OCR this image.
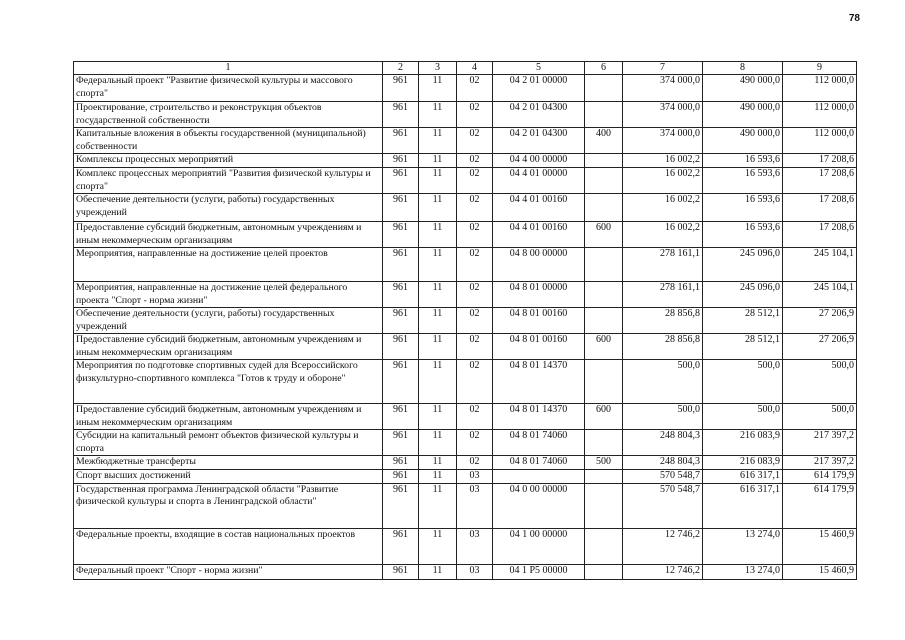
78
1	2	3	4	5	6	7	8	9
Федеральный проект "Развитие физической культуры и массового спорта"	961	11	02	04 2 01 00000		374 000,0	490 000,0	112 000,0
Проектирование, строительство и реконструкция объектов государственной собственности	961	11	02	04 2 01 04300		374 000,0	490 000,0	112 000,0
Капитальные вложения в объекты государственной (муниципальной) собственности	961	11	02	04 2 01 04300	400	374 000,0	490 000,0	112 000,0
Комплексы процессных мероприятий	961	11	02	04 4 00 00000		16 002,2	16 593,6	17 208,6
Комплекс процессных мероприятий "Развития физической культуры и спорта"	961	11	02	04 4 01 00000		16 002,2	16 593,6	17 208,6
Обеспечение деятельности (услуги, работы) государственных учреждений	961	11	02	04 4 01 00160		16 002,2	16 593,6	17 208,6
Предоставление субсидий бюджетным, автономным учреждениям и иным некоммерческим организациям	961	11	02	04 4 01 00160	600	16 002,2	16 593,6	17 208,6
Мероприятия, направленные на достижение целей проектов	961	11	02	04 8 00 00000		278 161,1	245 096,0	245 104,1
Мероприятия, направленные на достижение целей федерального проекта "Спорт - норма жизни"	961	11	02	04 8 01 00000		278 161,1	245 096,0	245 104,1
Обеспечение деятельности (услуги, работы) государственных учреждений	961	11	02	04 8 01 00160		28 856,8	28 512,1	27 206,9
Предоставление субсидий бюджетным, автономным учреждениям и иным некоммерческим организациям	961	11	02	04 8 01 00160	600	28 856,8	28 512,1	27 206,9
Мероприятия по подготовке спортивных судей для Всероссийского физкультурно-спортивного комплекса "Готов к труду и обороне"	961	11	02	04 8 01 14370		500,0	500,0	500,0
Предоставление субсидий бюджетным, автономным учреждениям и иным некоммерческим организациям	961	11	02	04 8 01 14370	600	500,0	500,0	500,0
Субсидии на капитальный ремонт объектов физической культуры и спорта	961	11	02	04 8 01 74060		248 804,3	216 083,9	217 397,2
Межбюджетные трансферты	961	11	02	04 8 01 74060	500	248 804,3	216 083,9	217 397,2
Спорт высших достижений	961	11	03			570 548,7	616 317,1	614 179,9
Государственная программа Ленинградской области "Развитие физической культуры и спорта в Ленинградской области"	961	11	03	04 0 00 00000		570 548,7	616 317,1	614 179,9
Федеральные проекты, входящие в состав национальных проектов	961	11	03	04 1 00 00000		12 746,2	13 274,0	15 460,9
Федеральный проект "Спорт - норма жизни"	961	11	03	04 1 P5 00000		12 746,2	13 274,0	15 460,9
